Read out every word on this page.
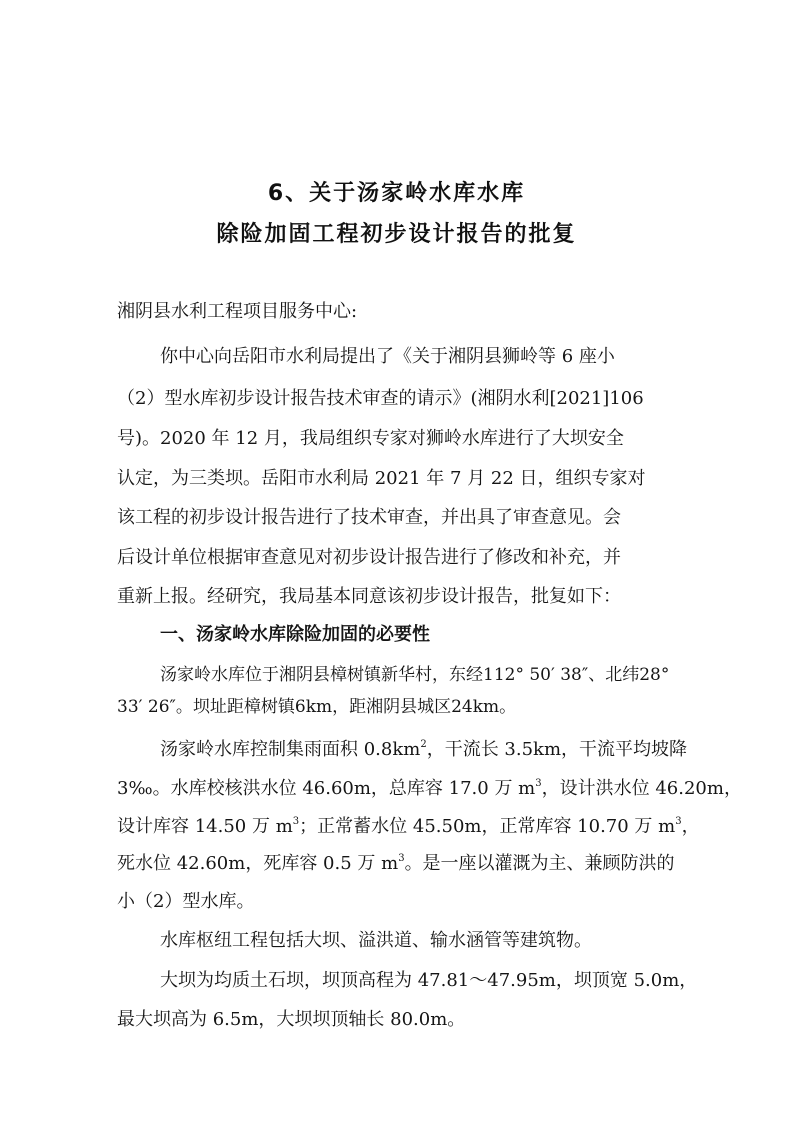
6、关于汤家岭水库水库
除险加固工程初步设计报告的批复
湘阴县水利工程项目服务中心:
你中心向岳阳市水利局提出了《关于湘阴县狮岭等 6 座小
（2）型水库初步设计报告技术审查的请示》(湘阴水利[2021]106
号)。2020 年 12 月，我局组织专家对狮岭水库进行了大坝安全
认定，为三类坝。岳阳市水利局 2021 年 7 月 22 日，组织专家对
该工程的初步设计报告进行了技术审查，并出具了审查意见。会
后设计单位根据审查意见对初步设计报告进行了修改和补充，并
重新上报。经研究，我局基本同意该初步设计报告，批复如下：
一、汤家岭水库除险加固的必要性
汤家岭水库位于湘阴县樟树镇新华村，东经112° 50′ 38″、北纬28°
33′ 26″。坝址距樟树镇6km，距湘阴县城区24km。
汤家岭水库控制集雨面积 $0.8km^2$，干流长 3.5km，干流平均坡降
3‰。水库校核洪水位 46.60m，总库容 17.0 万 $m^3$，设计洪水位 46.20m，
设计库容 14.50 万 $m^3$；正常蓄水位 45.50m，正常库容 10.70 万 $m^3$，
死水位 42.60m，死库容 0.5 万 $m^3$。是一座以灌溉为主、兼顾防洪的
小（2）型水库。
水库枢纽工程包括大坝、溢洪道、输水涵管等建筑物。
大坝为均质土石坝，坝顶高程为 47.81～47.95m，坝顶宽 5.0m，
最大坝高为 6.5m，大坝坝顶轴长 80.0m。
